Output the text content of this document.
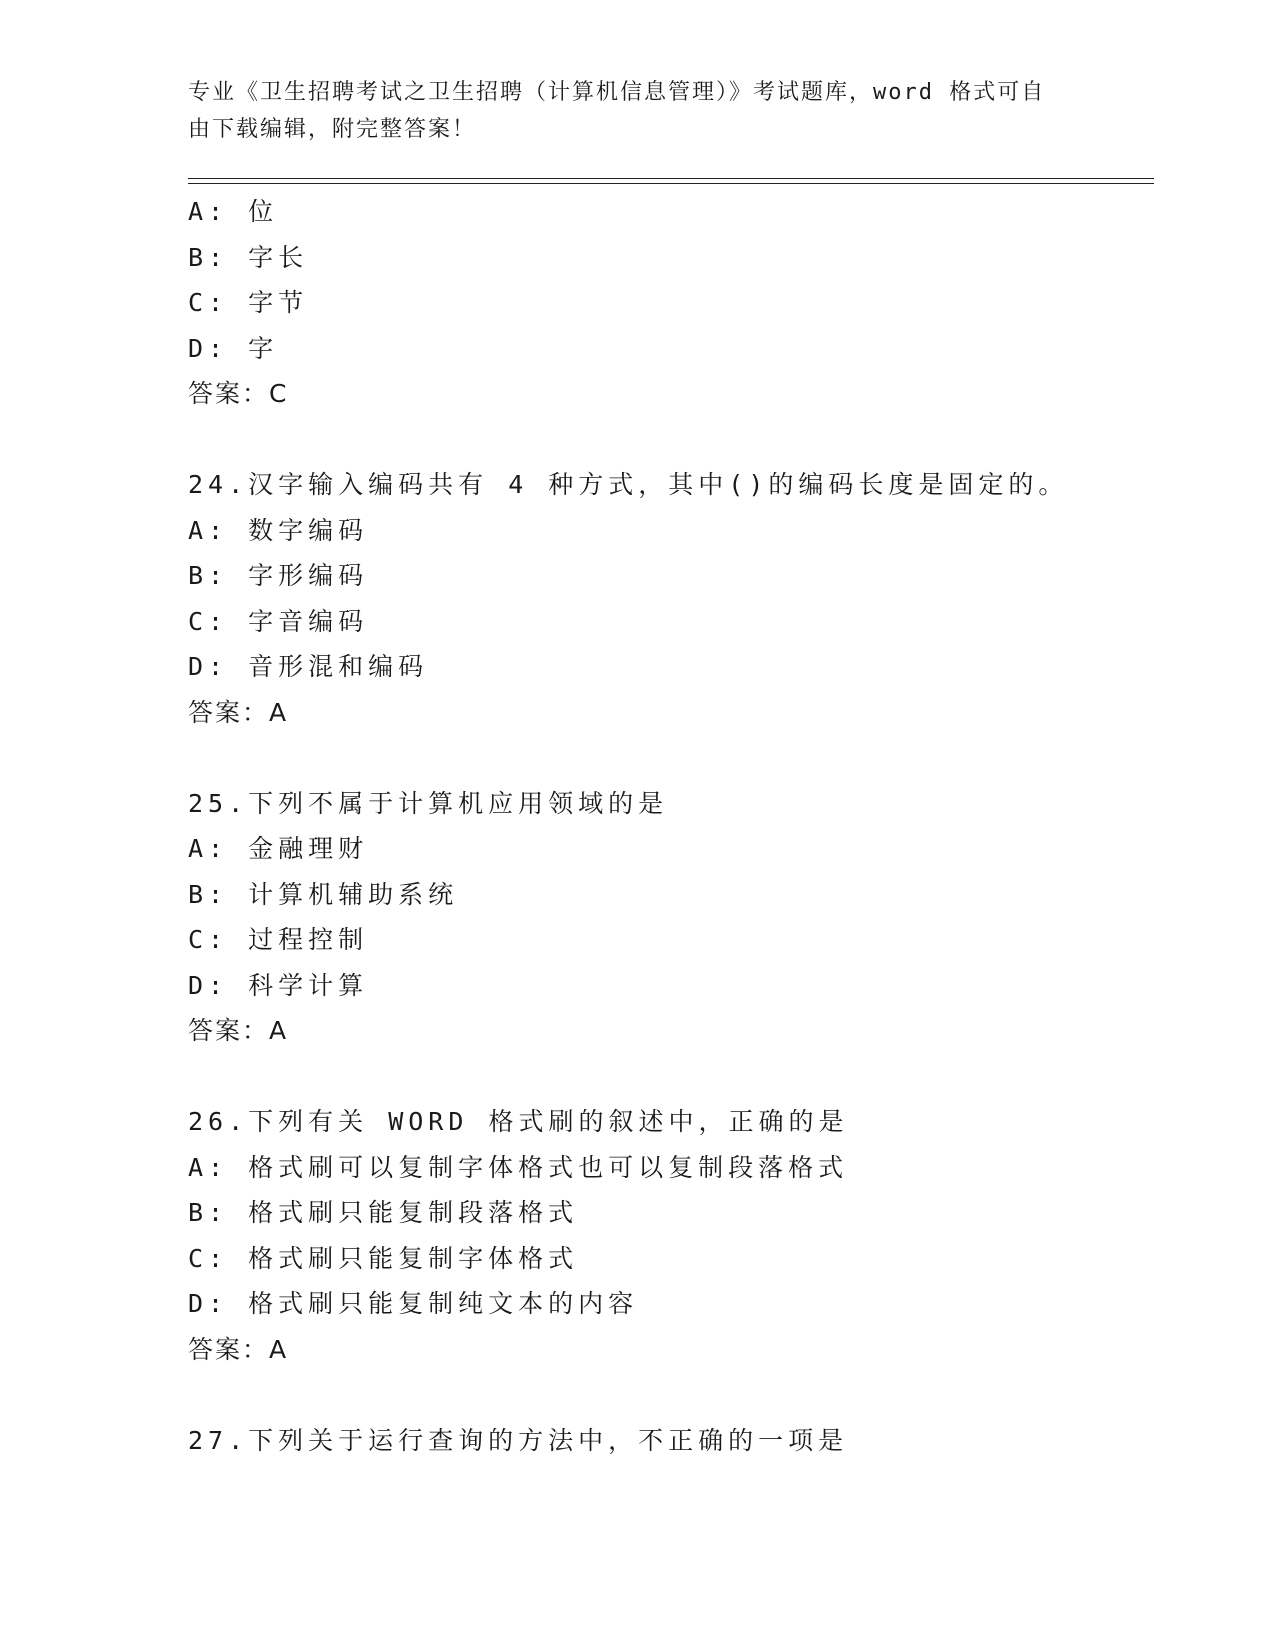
专业《卫生招聘考试之卫生招聘（计算机信息管理）》考试题库，word 格式可自
由下载编辑，附完整答案！
A: 位
B: 字长
C: 字节
D: 字
答案：C
24.汉字输入编码共有 4 种方式，其中()的编码长度是固定的。
A: 数字编码
B: 字形编码
C: 字音编码
D: 音形混和编码
答案：A
25.下列不属于计算机应用领域的是
A: 金融理财
B: 计算机辅助系统
C: 过程控制
D: 科学计算
答案：A
26.下列有关 WORD 格式刷的叙述中，正确的是
A: 格式刷可以复制字体格式也可以复制段落格式
B: 格式刷只能复制段落格式
C: 格式刷只能复制字体格式
D: 格式刷只能复制纯文本的内容
答案：A
27.下列关于运行查询的方法中，不正确的一项是
